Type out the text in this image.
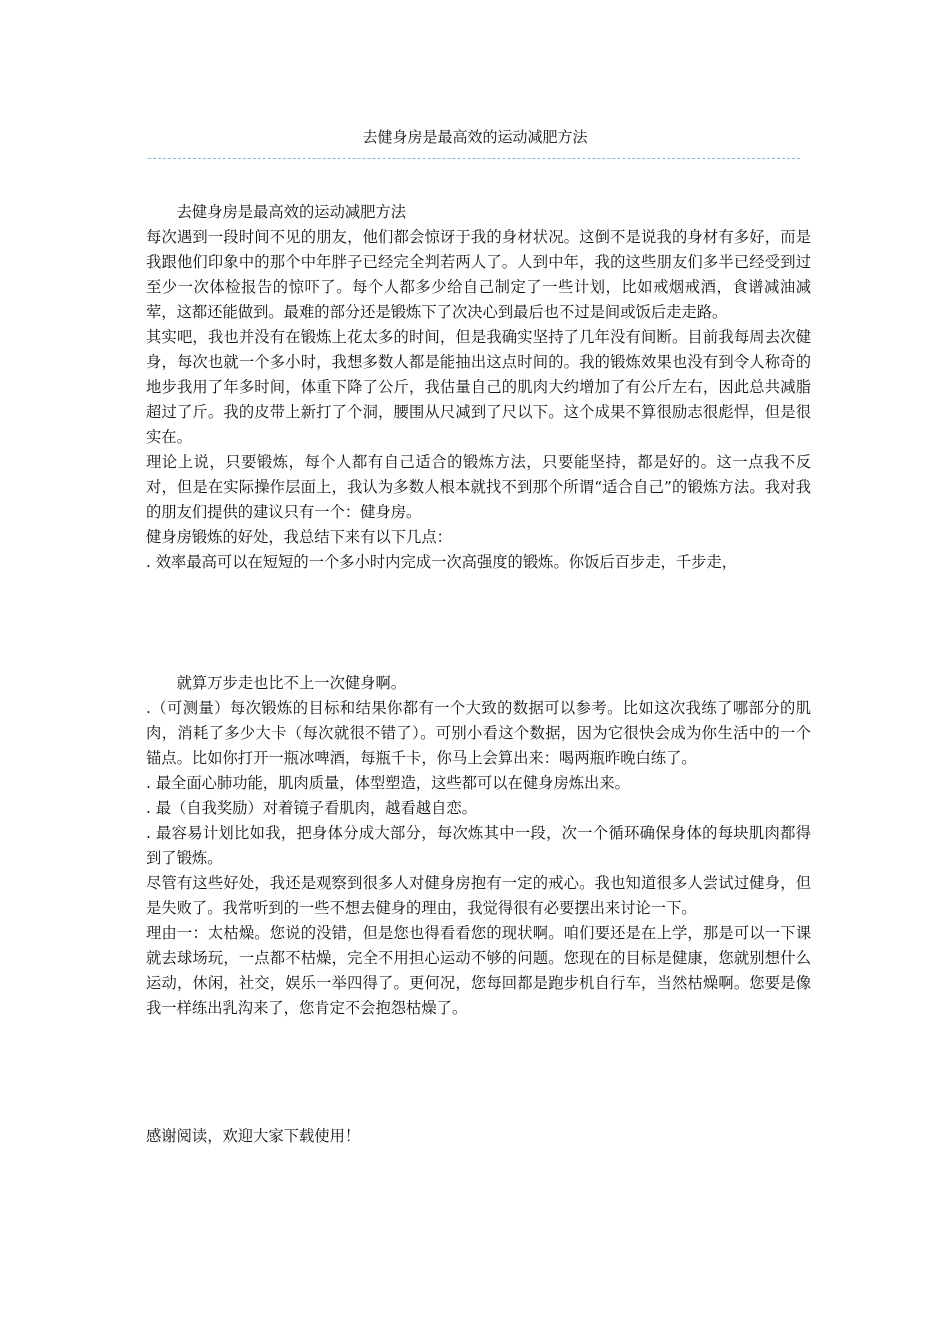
去健身房是最高效的运动减肥方法

去健身房是最高效的运动减肥方法

每次遇到一段时间不见的朋友，他们都会惊讶于我的身材状况。这倒不是说我的身材有多好，而是我跟他们印象中的那个中年胖子已经完全判若两人了。人到中年，我的这些朋友们多半已经受到过至少一次体检报告的惊吓了。每个人都多少给自己制定了一些计划，比如戒烟戒酒，食谱减油减荤，这都还能做到。最难的部分还是锻炼下了次决心到最后也不过是间或饭后走走路。

其实吧，我也并没有在锻炼上花太多的时间，但是我确实坚持了几年没有间断。目前我每周去次健身，每次也就一个多小时，我想多数人都是能抽出这点时间的。我的锻炼效果也没有到令人称奇的地步我用了年多时间，体重下降了公斤，我估量自己的肌肉大约增加了有公斤左右，因此总共减脂超过了斤。我的皮带上新打了个洞，腰围从尺减到了尺以下。这个成果不算很励志很彪悍，但是很实在。

理论上说，只要锻炼，每个人都有自己适合的锻炼方法，只要能坚持，都是好的。这一点我不反对，但是在实际操作层面上，我认为多数人根本就找不到那个所谓“适合自己”的锻炼方法。我对我的朋友们提供的建议只有一个：健身房。

健身房锻炼的好处，我总结下来有以下几点：

. 效率最高可以在短短的一个多小时内完成一次高强度的锻炼。你饭后百步走，千步走，

就算万步走也比不上一次健身啊。

.（可测量）每次锻炼的目标和结果你都有一个大致的数据可以参考。比如这次我练了哪部分的肌肉，消耗了多少大卡（每次就很不错了）。可别小看这个数据，因为它很快会成为你生活中的一个锚点。比如你打开一瓶冰啤酒，每瓶千卡，你马上会算出来：喝两瓶昨晚白练了。

. 最全面心肺功能，肌肉质量，体型塑造，这些都可以在健身房炼出来。

. 最（自我奖励）对着镜子看肌肉，越看越自恋。

. 最容易计划比如我，把身体分成大部分，每次炼其中一段，次一个循环确保身体的每块肌肉都得到了锻炼。

尽管有这些好处，我还是观察到很多人对健身房抱有一定的戒心。我也知道很多人尝试过健身，但是失败了。我常听到的一些不想去健身的理由，我觉得很有必要摆出来讨论一下。

理由一：太枯燥。您说的没错，但是您也得看看您的现状啊。咱们要还是在上学，那是可以一下课就去球场玩，一点都不枯燥，完全不用担心运动不够的问题。您现在的目标是健康，您就别想什么运动，休闲，社交，娱乐一举四得了。更何况，您每回都是跑步机自行车，当然枯燥啊。您要是像我一样练出乳沟来了，您肯定不会抱怨枯燥了。

感谢阅读，欢迎大家下载使用！
